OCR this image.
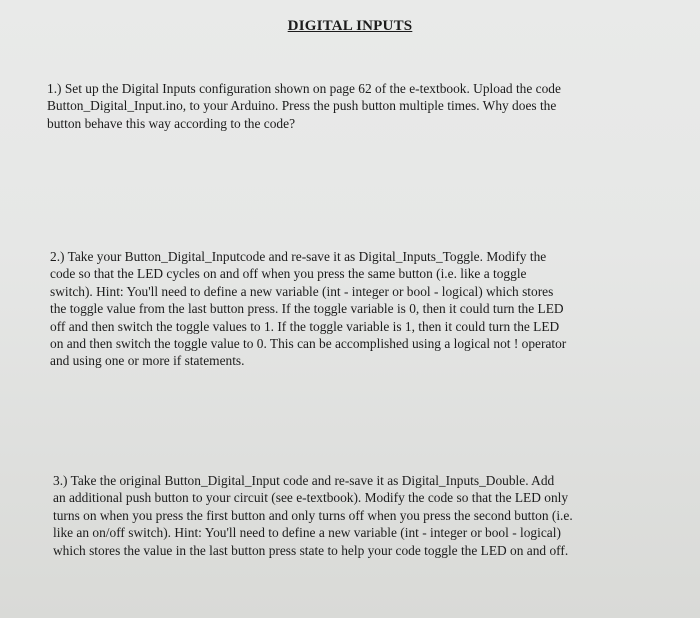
DIGITAL INPUTS
1.) Set up the Digital Inputs configuration shown on page 62 of the e-textbook. Upload the code
Button_Digital_Input.ino, to your Arduino. Press the push button multiple times. Why does the
button behave this way according to the code?
2.) Take your Button_Digital_Inputcode and re-save it as Digital_Inputs_Toggle. Modify the
code so that the LED cycles on and off when you press the same button (i.e. like a toggle
switch). Hint: You'll need to define a new variable (int - integer or bool - logical) which stores
the toggle value from the last button press. If the toggle variable is 0, then it could turn the LED
off and then switch the toggle values to 1. If the toggle variable is 1, then it could turn the LED
on and then switch the toggle value to 0. This can be accomplished using a logical not ! operator
and using one or more if statements.
3.) Take the original Button_Digital_Input code and re-save it as Digital_Inputs_Double. Add
an additional push button to your circuit (see e-textbook). Modify the code so that the LED only
turns on when you press the first button and only turns off when you press the second button (i.e.
like an on/off switch). Hint: You'll need to define a new variable (int - integer or bool - logical)
which stores the value in the last button press state to help your code toggle the LED on and off.
